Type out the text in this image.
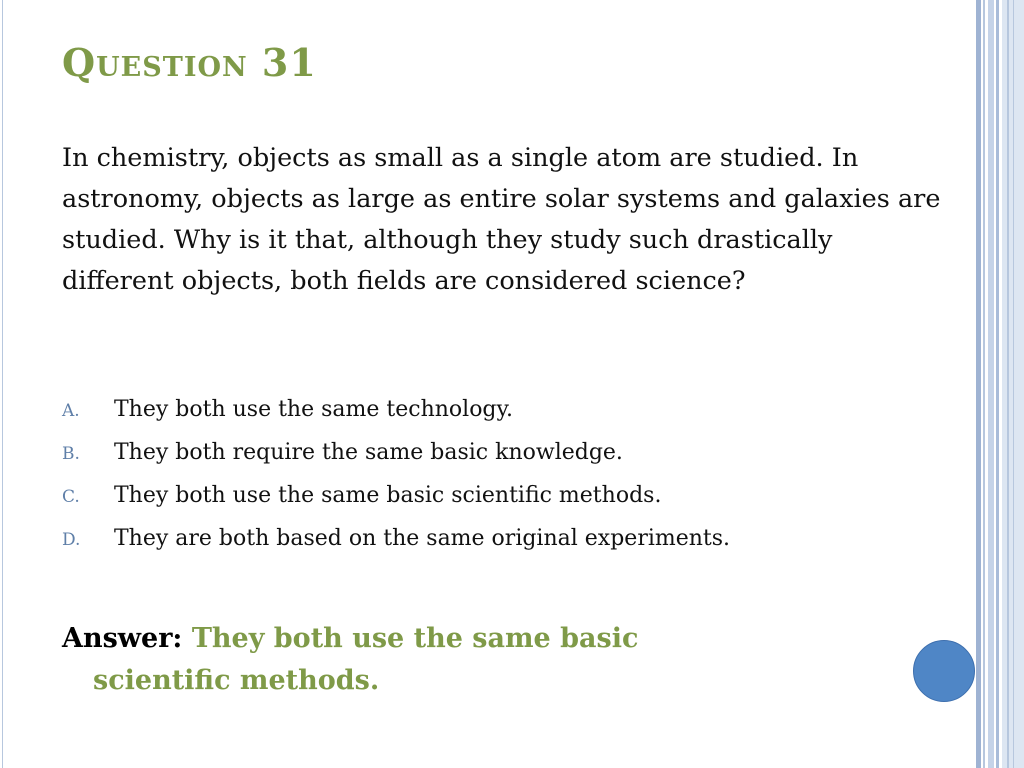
Question 31

In chemistry, objects as small as a single atom are studied. In astronomy, objects as large as entire solar systems and galaxies are studied. Why is it that, although they study such drastically different objects, both fields are considered science?

A.	They both use the same technology.
B.	They both require the same basic knowledge.
C.	They both use the same basic scientific methods.
D.	They are both based on the same original experiments.

Answer: They both use the same basic
scientific methods.
